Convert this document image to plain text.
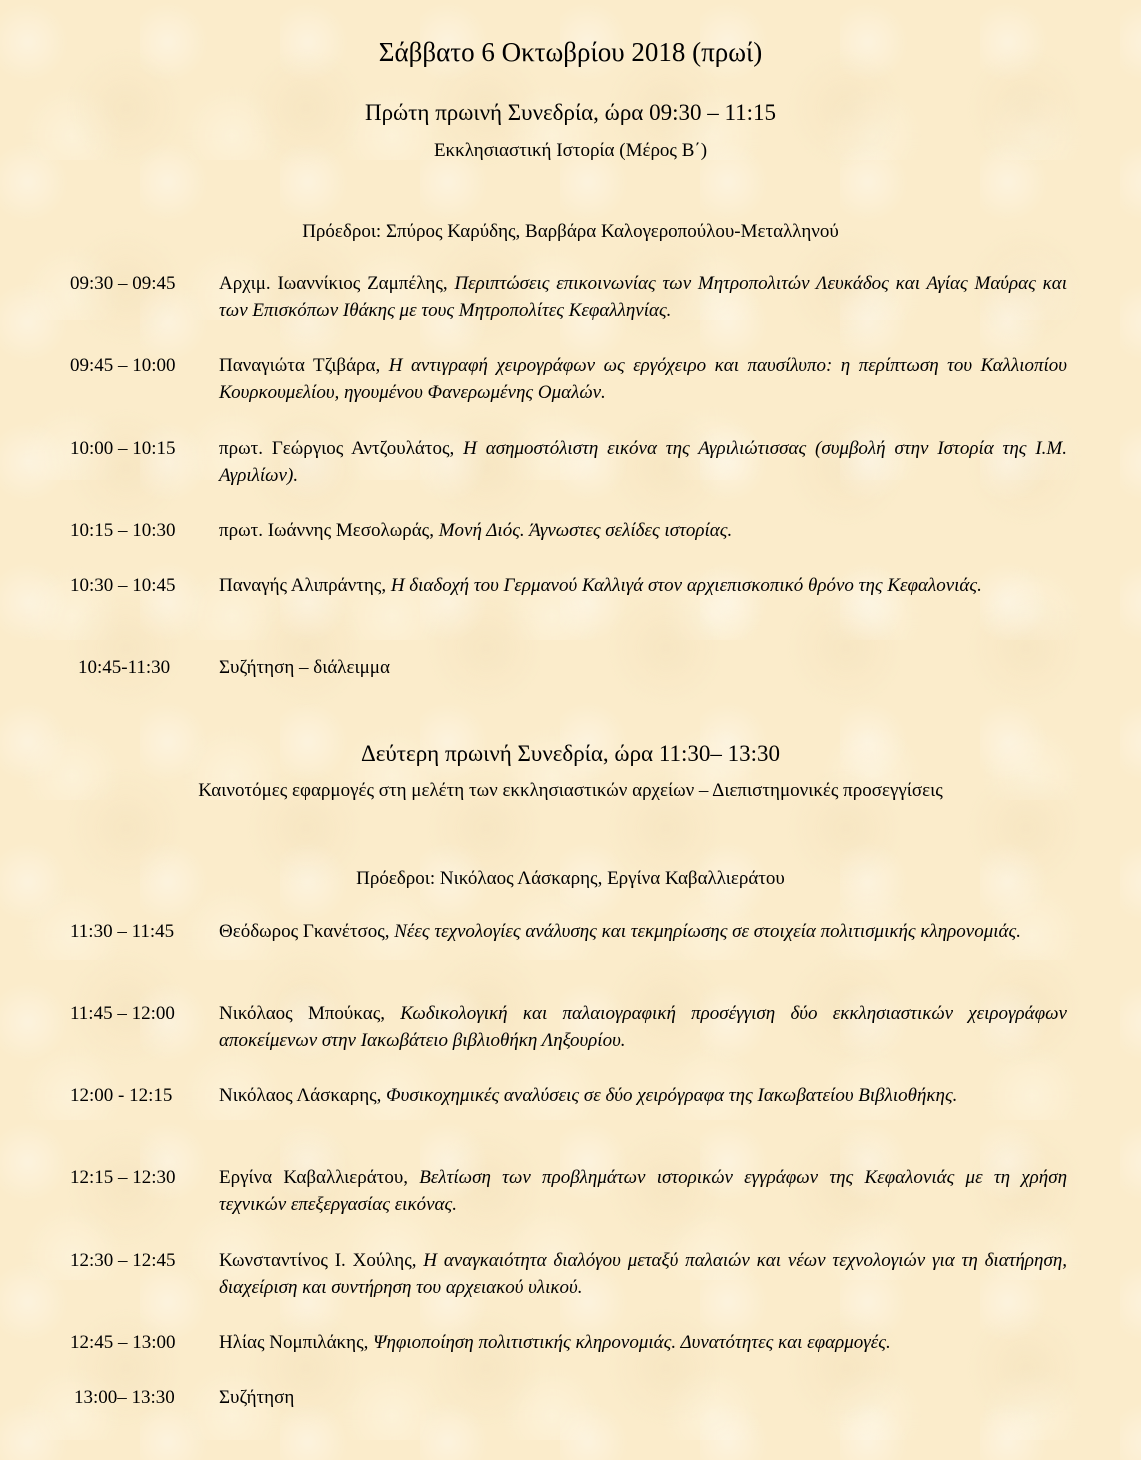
Σάββατο 6 Οκτωβρίου 2018 (πρωί)
Πρώτη πρωινή Συνεδρία, ώρα 09:30 – 11:15
Εκκλησιαστική Ιστορία (Μέρος Β΄)
Πρόεδροι: Σπύρος Καρύδης, Βαρβάρα Καλογεροπούλου-Μεταλληνού
09:30 – 09:45	Αρχιμ. Ιωαννίκιος Ζαμπέλης, Περιπτώσεις επικοινωνίας των Μητροπολιτών Λευκάδος και Αγίας Μαύρας και των Επισκόπων Ιθάκης με τους Μητροπολίτες Κεφαλληνίας.
09:45 – 10:00	Παναγιώτα Τζιβάρα, Η αντιγραφή χειρογράφων ως εργόχειρο και παυσίλυπο: η περίπτωση του Καλλιοπίου Κουρκουμελίου, ηγουμένου Φανερωμένης Ομαλών.
10:00 – 10:15	πρωτ. Γεώργιος Αντζουλάτος, Η ασημοστόλιστη εικόνα της Αγριλιώτισσας (συμβολή στην Ιστορία της Ι.Μ. Αγριλίων).
10:15 – 10:30	πρωτ. Ιωάννης Μεσολωράς, Μονή Διός. Άγνωστες σελίδες ιστορίας.
10:30 – 10:45	Παναγής Αλιπράντης, Η διαδοχή του Γερμανού Καλλιγά στον αρχιεπισκοπικό θρόνο της Κεφαλονιάς.
10:45-11:30	Συζήτηση – διάλειμμα
Δεύτερη πρωινή Συνεδρία, ώρα 11:30– 13:30
Καινοτόμες εφαρμογές στη μελέτη των εκκλησιαστικών αρχείων – Διεπιστημονικές προσεγγίσεις
Πρόεδροι: Νικόλαος Λάσκαρης, Εργίνα Καβαλλιεράτου
11:30 – 11:45	Θεόδωρος Γκανέτσος, Νέες τεχνολογίες ανάλυσης και τεκμηρίωσης σε στοιχεία πολιτισμικής κληρονομιάς.
11:45 – 12:00	Νικόλαος Μπούκας, Κωδικολογική και παλαιογραφική προσέγγιση δύο εκκλησιαστικών χειρογράφων αποκείμενων στην Ιακωβάτειο βιβλιοθήκη Ληξουρίου.
12:00 - 12:15	Νικόλαος Λάσκαρης, Φυσικοχημικές αναλύσεις σε δύο χειρόγραφα της Ιακωβατείου Βιβλιοθήκης.
12:15 – 12:30	Εργίνα Καβαλλιεράτου, Βελτίωση των προβλημάτων ιστορικών εγγράφων της Κεφαλονιάς με τη χρήση τεχνικών επεξεργασίας εικόνας.
12:30 – 12:45	Κωνσταντίνος Ι. Χούλης, Η αναγκαιότητα διαλόγου μεταξύ παλαιών και νέων τεχνολογιών για τη διατήρηση, διαχείριση και συντήρηση του αρχειακού υλικού.
12:45 – 13:00	Ηλίας Νομπιλάκης, Ψηφιοποίηση πολιτιστικής κληρονομιάς. Δυνατότητες και εφαρμογές.
13:00– 13:30	Συζήτηση
